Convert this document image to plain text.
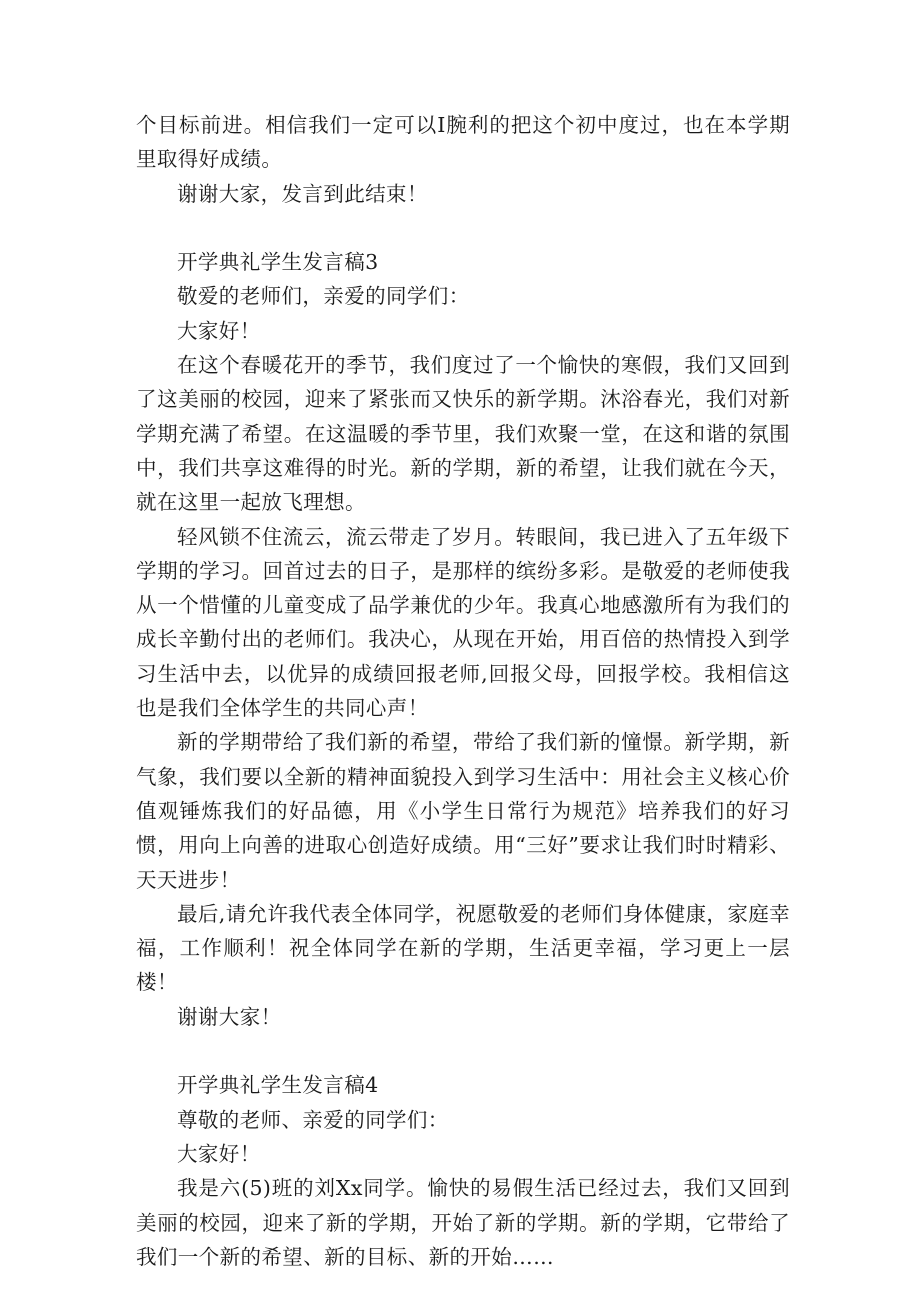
个目标前进。相信我们一定可以I腕利的把这个初中度过，也在本学期里取得好成绩。

谢谢大家，发言到此结束！

开学典礼学生发言稿3

敬爱的老师们，亲爱的同学们：

大家好！

在这个春暖花开的季节，我们度过了一个愉快的寒假，我们又回到了这美丽的校园，迎来了紧张而又快乐的新学期。沐浴春光，我们对新学期充满了希望。在这温暖的季节里，我们欢聚一堂，在这和谐的氛围中，我们共享这难得的时光。新的学期，新的希望，让我们就在今天，就在这里一起放飞理想。

轻风锁不住流云，流云带走了岁月。转眼间，我已进入了五年级下学期的学习。回首过去的日子，是那样的缤纷多彩。是敬爱的老师使我从一个惜懂的儿童变成了品学兼优的少年。我真心地感激所有为我们的成长辛勤付出的老师们。我决心，从现在开始，用百倍的热情投入到学习生活中去，以优异的成绩回报老师,回报父母，回报学校。我相信这也是我们全体学生的共同心声！

新的学期带给了我们新的希望，带给了我们新的憧憬。新学期，新气象，我们要以全新的精神面貌投入到学习生活中：用社会主义核心价值观锤炼我们的好品德，用《小学生日常行为规范》培养我们的好习惯，用向上向善的进取心创造好成绩。用“三好”要求让我们时时精彩、天天进步！

最后,请允许我代表全体同学，祝愿敬爱的老师们身体健康，家庭幸福，工作顺利！祝全体同学在新的学期，生活更幸福，学习更上一层楼！

谢谢大家！

开学典礼学生发言稿4

尊敬的老师、亲爱的同学们：

大家好！

我是六(5)班的刘Xx同学。愉快的易假生活已经过去，我们又回到美丽的校园，迎来了新的学期，开始了新的学期。新的学期，它带给了我们一个新的希望、新的目标、新的开始……
